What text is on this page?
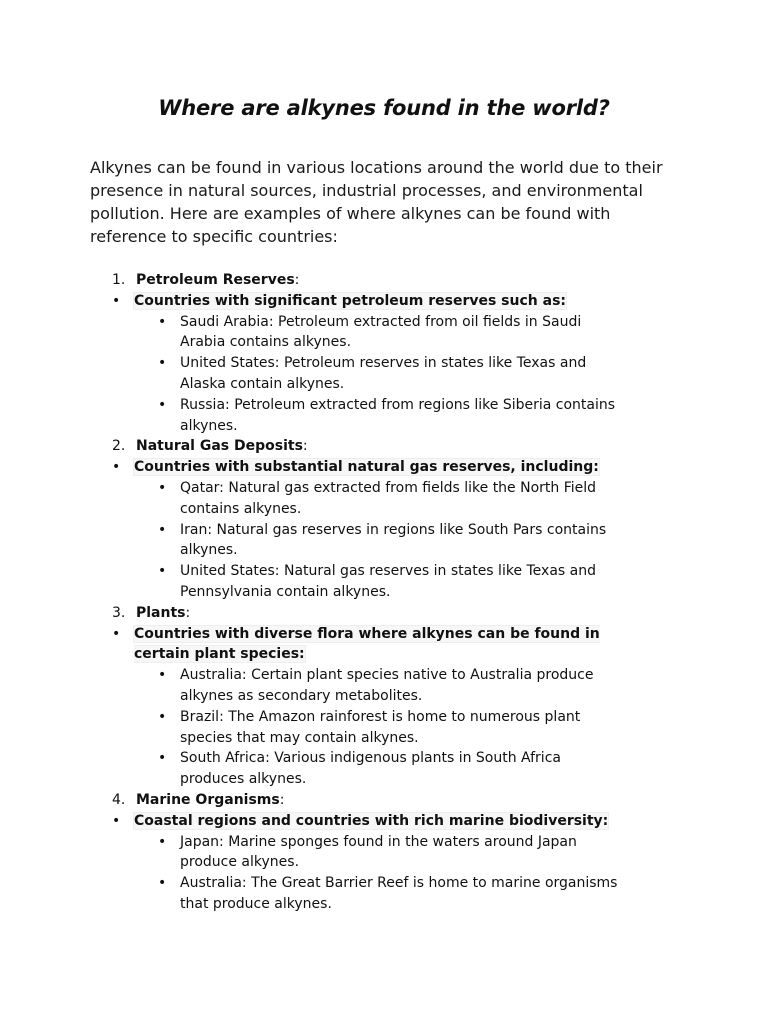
Where are alkynes found in the world?

Alkynes can be found in various locations around the world due to their presence in natural sources, industrial processes, and environmental pollution. Here are examples of where alkynes can be found with reference to specific countries:

1. Petroleum Reserves:
• Countries with significant petroleum reserves such as:
• Saudi Arabia: Petroleum extracted from oil fields in Saudi Arabia contains alkynes.
• United States: Petroleum reserves in states like Texas and Alaska contain alkynes.
• Russia: Petroleum extracted from regions like Siberia contains alkynes.
2. Natural Gas Deposits:
• Countries with substantial natural gas reserves, including:
• Qatar: Natural gas extracted from fields like the North Field contains alkynes.
• Iran: Natural gas reserves in regions like South Pars contains alkynes.
• United States: Natural gas reserves in states like Texas and Pennsylvania contain alkynes.
3. Plants:
• Countries with diverse flora where alkynes can be found in certain plant species:
• Australia: Certain plant species native to Australia produce alkynes as secondary metabolites.
• Brazil: The Amazon rainforest is home to numerous plant species that may contain alkynes.
• South Africa: Various indigenous plants in South Africa produces alkynes.
4. Marine Organisms:
• Coastal regions and countries with rich marine biodiversity:
• Japan: Marine sponges found in the waters around Japan produce alkynes.
• Australia: The Great Barrier Reef is home to marine organisms that produce alkynes.
